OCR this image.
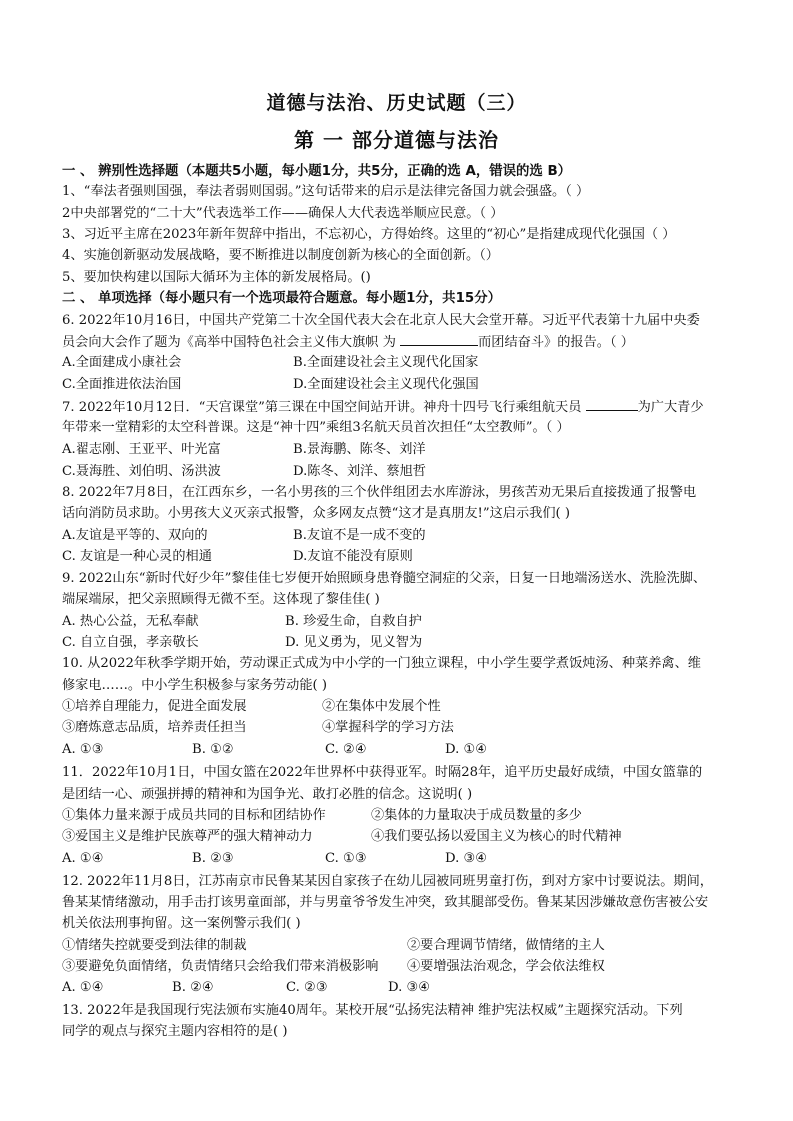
道德与法治、历史试题（三）
第 一 部分道德与法治
一 、 辨别性选择题（本题共5小题，每小题1分，共5分，正确的选 A，错误的选 B）
1、“奉法者强则国强，奉法者弱则国弱。”这句话带来的启示是法律完备国力就会强盛。（ ）
2中央部署党的“二十大”代表选举工作——确保人大代表选举顺应民意。（ ）
3、习近平主席在2023年新年贺辞中指出，不忘初心，方得始终。这里的“初心”是指建成现代化强国（ ）
4、实施创新驱动发展战略，要不断推进以制度创新为核心的全面创新。（）
5、要加快构建以国际大循环为主体的新发展格局。()
二 、 单项选择（每小题只有一个选项最符合题意。每小题1分，共15分）
6. 2022年10月16日，中国共产党第二十次全国代表大会在北京人民大会堂开幕。习近平代表第十九届中央委
员会向大会作了题为《高举中国特色社会主义伟大旗帜 为	而团结奋斗》的报告。（ ）
A.全面建成小康社会	B.全面建设社会主义现代化国家
C.全面推进依法治国	D.全面建设社会主义现代化强国
7. 2022年10月12日．“天宫课堂”第三课在中国空间站开讲。神舟十四号飞行乘组航天员	为广大青少
年带来一堂精彩的太空科普课。这是“神十四”乘组3名航天员首次担任“太空教师”。（ ）
A.翟志刚、王亚平、叶光富	B.景海鹏、陈冬、刘洋
C.聂海胜、刘伯明、汤洪波	D.陈冬、刘洋、蔡旭哲
8. 2022年7月8日，在江西东乡，一名小男孩的三个伙伴组团去水库游泳，男孩苦劝无果后直接拨通了报警电
话向消防员求助。小男孩大义灭亲式报警，众多网友点赞“这才是真朋友!”这启示我们( )
A.友谊是平等的、双向的	B.友谊不是一成不变的
C. 友谊是一种心灵的相通	D.友谊不能没有原则
9. 2022山东“新时代好少年”黎佳佳七岁便开始照顾身患脊髓空洞症的父亲，日复一日地端汤送水、洗脸洗脚、
端屎端尿，把父亲照顾得无微不至。这体现了黎佳佳( )
A. 热心公益，无私奉献	B. 珍爱生命，自救自护
C. 自立自强，孝亲敬长	D. 见义勇为，见义智为
10. 从2022年秋季学期开始，劳动课正式成为中小学的一门独立课程，中小学生要学煮饭炖汤、种菜养禽、维
修家电……。中小学生积极参与家务劳动能( )
①培养自理能力，促进全面发展	②在集体中发展个性
③磨炼意志品质，培养责任担当	④掌握科学的学习方法
A. ①③	B. ①②	C. ②④	D. ①④
11．2022年10月1日，中国女篮在2022年世界杯中获得亚军。时隔28年，追平历史最好成绩，中国女篮靠的
是团结一心、顽强拼搏的精神和为国争光、敢打必胜的信念。这说明( )
①集体力量来源于成员共同的目标和团结协作	②集体的力量取决于成员数量的多少
③爱国主义是维护民族尊严的强大精神动力	④我们要弘扬以爱国主义为核心的时代精神
A. ①④	B. ②③	C. ①③	D. ③④
12. 2022年11月8日，江苏南京市民鲁某某因自家孩子在幼儿园被同班男童打伤，到对方家中讨要说法。期间，
鲁某某情绪激动，用手击打该男童面部，并与男童爷爷发生冲突，致其腿部受伤。鲁某某因涉嫌故意伤害被公安
机关依法刑事拘留。这一案例警示我们( )
①情绪失控就要受到法律的制裁	②要合理调节情绪，做情绪的主人
③要避免负面情绪，负责情绪只会给我们带来消极影响 ④要增强法治观念，学会依法维权
A. ①④	B. ②④	C. ②③	D. ③④
13. 2022年是我国现行宪法颁布实施40周年。某校开展“弘扬宪法精神 维护宪法权威”主题探究活动。下列
同学的观点与探究主题内容相符的是( )
